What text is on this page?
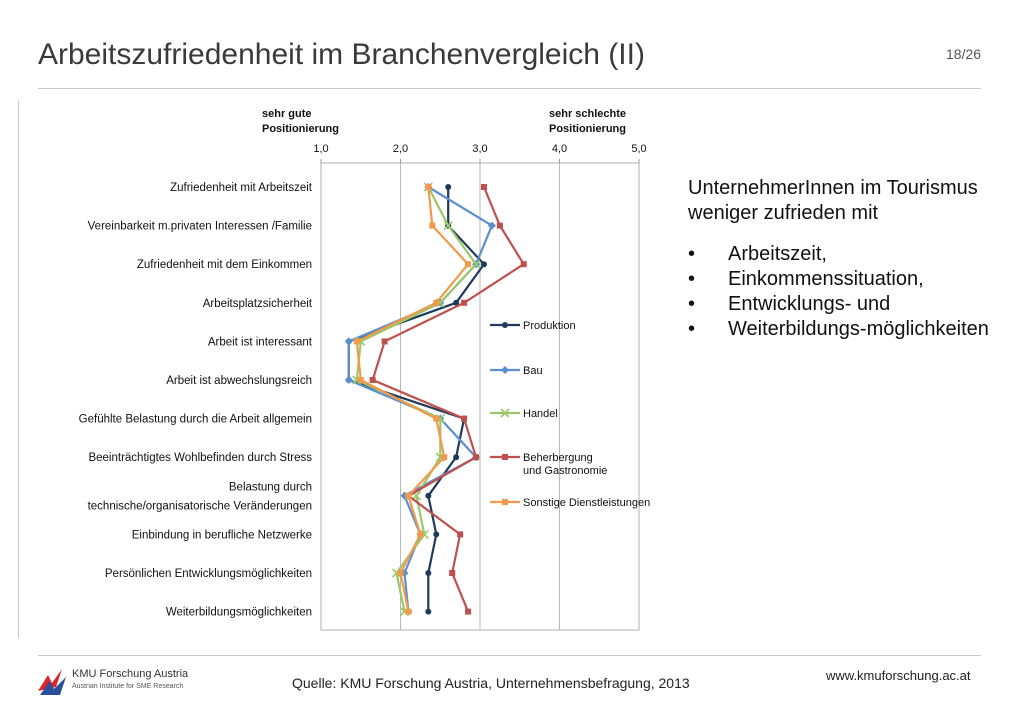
Arbeitszufriedenheit im Branchenvergleich (II)	18/26
1,0	2,0	3,0	4,0	5,0
sehr gute
Positionierung
sehr schlechte
Positionierung
Zufriedenheit mit Arbeitszeit
Vereinbarkeit m.privaten Interessen /Familie
Zufriedenheit mit dem Einkommen
Arbeitsplatzsicherheit
Arbeit ist interessant
Arbeit ist abwechslungsreich
Gefühlte Belastung durch die Arbeit allgemein
Beeinträchtigtes Wohlbefinden durch Stress
Belastung durch
technische/organisatorische Veränderungen
Einbindung in berufliche Netzwerke
Persönlichen Entwicklungsmöglichkeiten
Weiterbildungsmöglichkeiten
Produktion
Bau
Handel
Beherbergung
und Gastronomie
Sonstige Dienstleistungen
UnternehmerInnen im Tourismus weniger zufrieden mit
• Arbeitszeit,
• Einkommenssituation,
• Entwicklungs- und
• Weiterbildungs-möglichkeiten
KMU Forschung Austria
Austrian Institute for SME Research	Quelle: KMU Forschung Austria, Unternehmensbefragung, 2013	www.kmuforschung.ac.at
